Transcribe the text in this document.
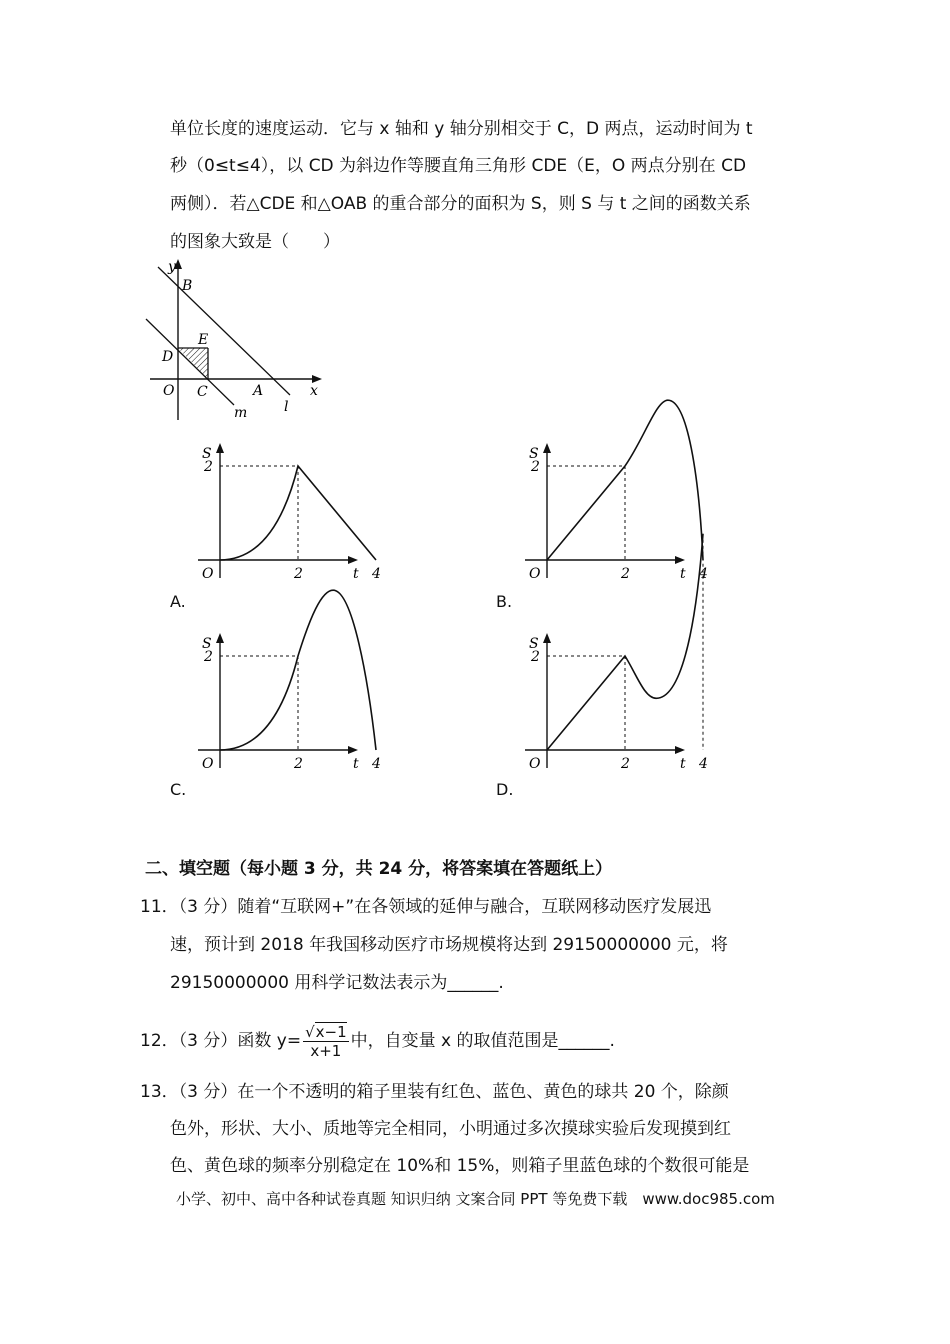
单位长度的速度运动．它与 x 轴和 y 轴分别相交于 C，D 两点，运动时间为 t
秒（0≤t≤4），以 CD 为斜边作等腰直角三角形 CDE（E，O 两点分别在 CD
两侧）．若△CDE 和△OAB 的重合部分的面积为 S，则 S 与 t 之间的函数关系
的图象大致是（　　）
y
B
E
D
O C	A	x
l
m
S
2
O	2	4
t
A.
S
2
O	2	4
t
B.
S
2
O	2	4
t
C.
S
2
O	2	4
t
D.
二、填空题（每小题 3 分，共 24 分，将答案填在答题纸上）
11．（3 分）随着“互联网+”在各领域的延伸与融合，互联网移动医疗发展迅
速，预计到 2018 年我国移动医疗市场规模将达到 29150000000 元，将
29150000000 用科学记数法表示为______.
12．（3 分）函数 $y= \frac{√x-1}{x+1}$ 中，自变量 x 的取值范围是______.
13．（3 分）在一个不透明的箱子里装有红色、蓝色、黄色的球共 20 个，除颜
色外，形状、大小、质地等完全相同，小明通过多次摸球实验后发现摸到红
色、黄色球的频率分别稳定在 10%和 15%，则箱子里蓝色球的个数很可能是
小学、初中、高中各种试卷真题 知识归纳 文案合同 PPT 等免费下载　www.doc985.com
